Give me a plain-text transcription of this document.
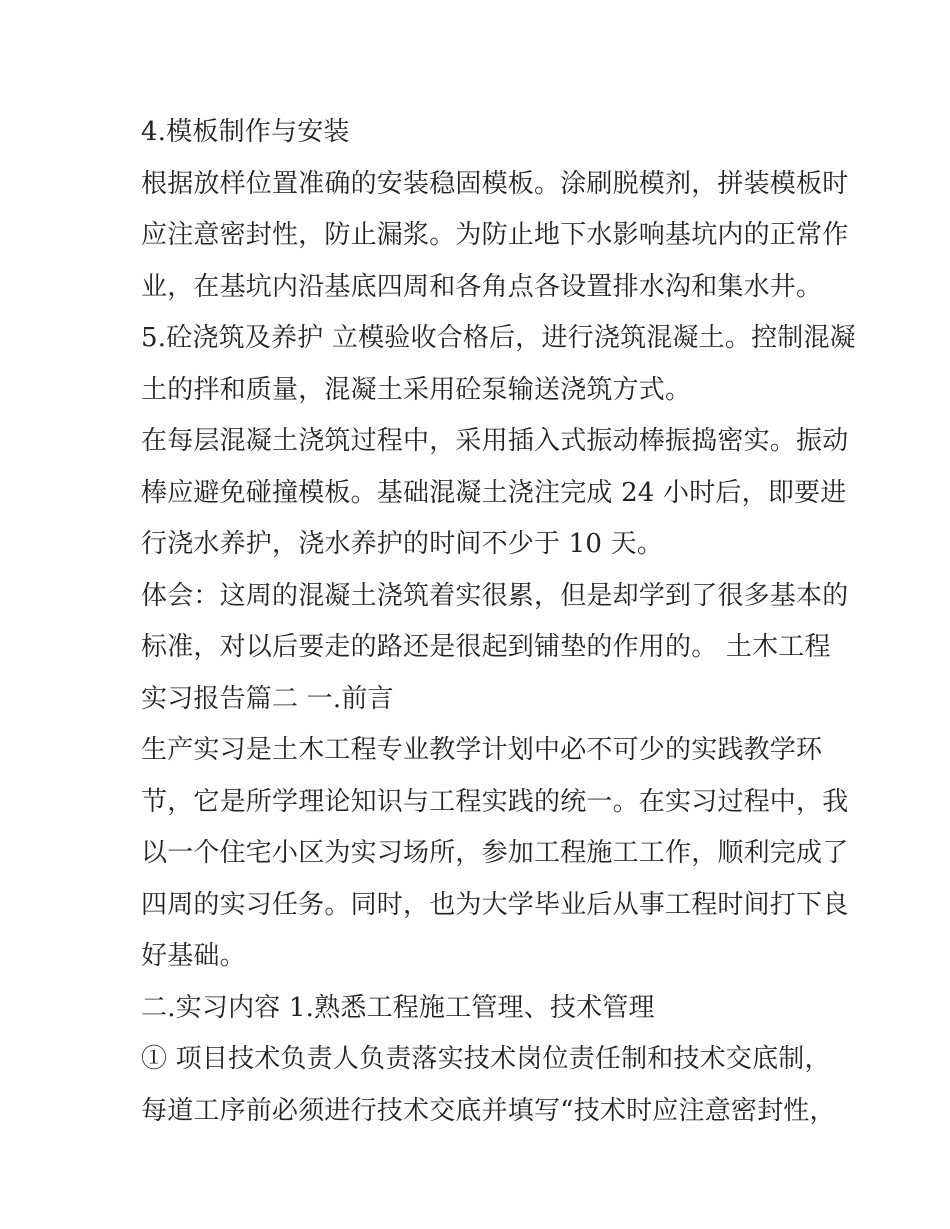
4.模板制作与安装
根据放样位置准确的安装稳固模板。涂刷脱模剂，拼装模板时
应注意密封性，防止漏浆。为防止地下水影响基坑内的正常作
业，在基坑内沿基底四周和各角点各设置排水沟和集水井。
5.砼浇筑及养护 立模验收合格后，进行浇筑混凝土。控制混凝
土的拌和质量，混凝土采用砼泵输送浇筑方式。
在每层混凝土浇筑过程中，采用插入式振动棒振捣密实。振动
棒应避免碰撞模板。基础混凝土浇注完成 24 小时后，即要进
行浇水养护，浇水养护的时间不少于 10 天。
体会：这周的混凝土浇筑着实很累，但是却学到了很多基本的
标准，对以后要走的路还是很起到铺垫的作用的。 土木工程
实习报告篇二 一.前言
生产实习是土木工程专业教学计划中必不可少的实践教学环
节，它是所学理论知识与工程实践的统一。在实习过程中，我
以一个住宅小区为实习场所，参加工程施工工作，顺利完成了
四周的实习任务。同时，也为大学毕业后从事工程时间打下良
好基础。
二.实习内容 1.熟悉工程施工管理、技术管理
① 项目技术负责人负责落实技术岗位责任制和技术交底制，
每道工序前必须进行技术交底并填写“技术时应注意密封性，
